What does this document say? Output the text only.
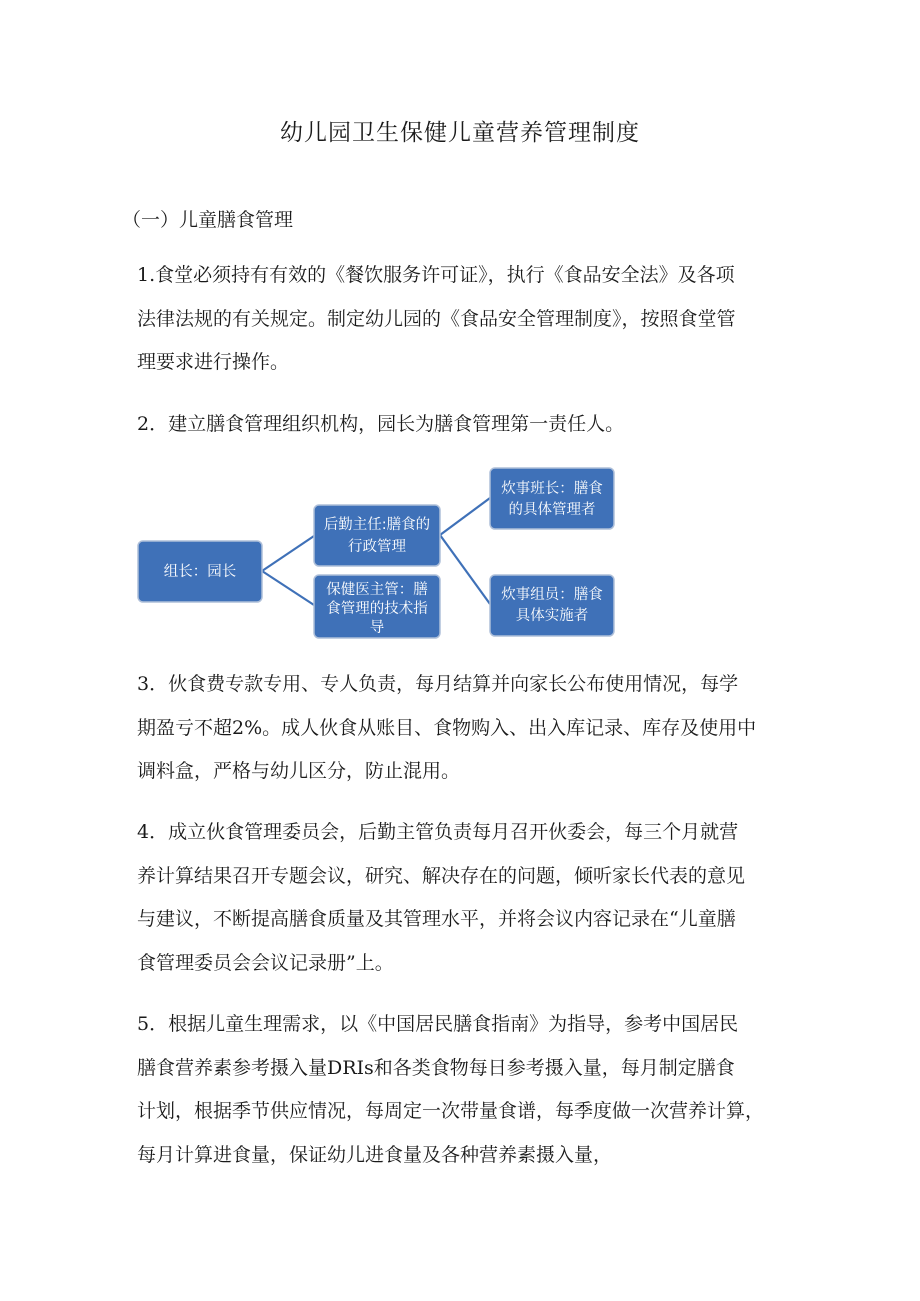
幼儿园卫生保健儿童营养管理制度
（一）儿童膳食管理
1.食堂必须持有有效的《餐饮服务许可证》，执行《食品安全法》及各项
法律法规的有关规定。制定幼儿园的《食品安全管理制度》，按照食堂管
理要求进行操作。
2．建立膳食管理组织机构，园长为膳食管理第一责任人。
组长：园长
后勤主任:膳食的
行政管理
保健医主管：膳
食管理的技术指
导
炊事班长：膳食
的具体管理者
炊事组员：膳食
具体实施者
3．伙食费专款专用、专人负责，每月结算并向家长公布使用情况，每学
期盈亏不超2%。成人伙食从账目、食物购入、出入库记录、库存及使用中
调料盒，严格与幼儿区分，防止混用。
4．成立伙食管理委员会，后勤主管负责每月召开伙委会，每三个月就营
养计算结果召开专题会议，研究、解决存在的问题，倾听家长代表的意见
与建议，不断提高膳食质量及其管理水平，并将会议内容记录在“儿童膳
食管理委员会会议记录册”上。
5．根据儿童生理需求，以《中国居民膳食指南》为指导，参考中国居民
膳食营养素参考摄入量DRIs和各类食物每日参考摄入量，每月制定膳食
计划，根据季节供应情况，每周定一次带量食谱，每季度做一次营养计算，
每月计算进食量，保证幼儿进食量及各种营养素摄入量，
